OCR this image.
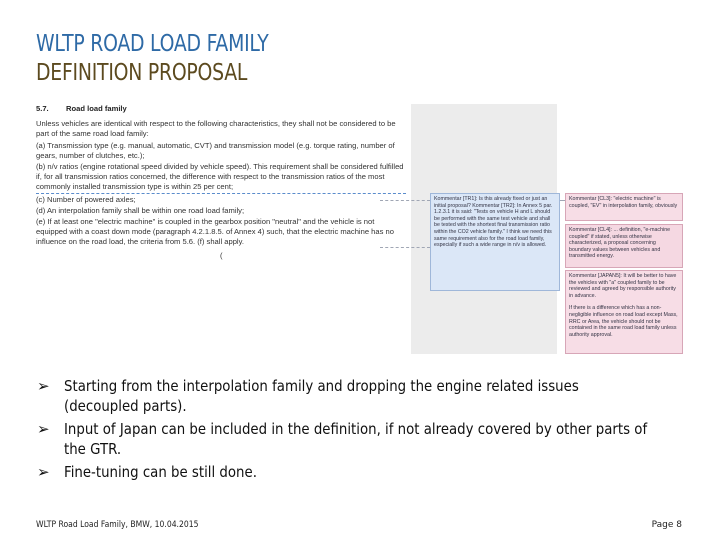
WLTP ROAD LOAD FAMILY
DEFINITION PROPOSAL
5.7. Road load family

Unless vehicles are identical with respect to the following characteristics, they shall not be considered to be part of the same road load family:

(a) Transmission type (e.g. manual, automatic, CVT) and transmission model (e.g. torque rating, number of gears, number of clutches, etc.);

(b) n/v ratios (engine rotational speed divided by vehicle speed). This requirement shall be considered fulfilled if, for all transmission ratios concerned, the difference with respect to the transmission ratios of the most commonly installed transmission type is within 25 per cent;

(c) Number of powered axles;

(d) An interpolation family shall be within one road load family;

(e) If at least one "electric machine" is coupled in the gearbox position "neutral" and the vehicle is not equipped with a coast down mode (paragraph 4.2.1.8.5. of Annex 4) such, that the electric machine has no influence on the road load, the criteria from 5.6. (f) shall apply.

(
Kommentar [TR1]: Is this already fixed or just an initial proposal? Kommentar [TR2]: In Annex 5 par. 1.2.3.1 it is said: "Tests on vehicle H and L should be performed with the same test vehicle and shall be tested with the shortest final transmission ratio within the CO2 vehicle family." I think we need this same requirement also for the road load family, especially if such a wide range in n/v is allowed.
Kommentar [CL3]: "electric machine" is coupled, "EV" in interpolation family, obviously
Kommentar [CL4]: ... definition, "e-machine coupled" if stated, unless otherwise characterized, a proposal concerning boundary values between vehicles and transmitted energy.
Kommentar [JAPAN5]: It will be better to have the vehicles with "a" coupled family to be reviewed and agreed by responsible authority in advance.
If there is a difference which has a non-negligible influence on road load except Mass, RRC or Area, the vehicle should not be contained in the same road load family unless authority approval.
➢ Starting from the interpolation family and dropping the engine related issues (decoupled parts).
➢ Input of Japan can be included in the definition, if not already covered by other parts of the GTR.
➢ Fine-tuning can be still done.
WLTP Road Load Family, BMW, 10.04.2015	Page 8
